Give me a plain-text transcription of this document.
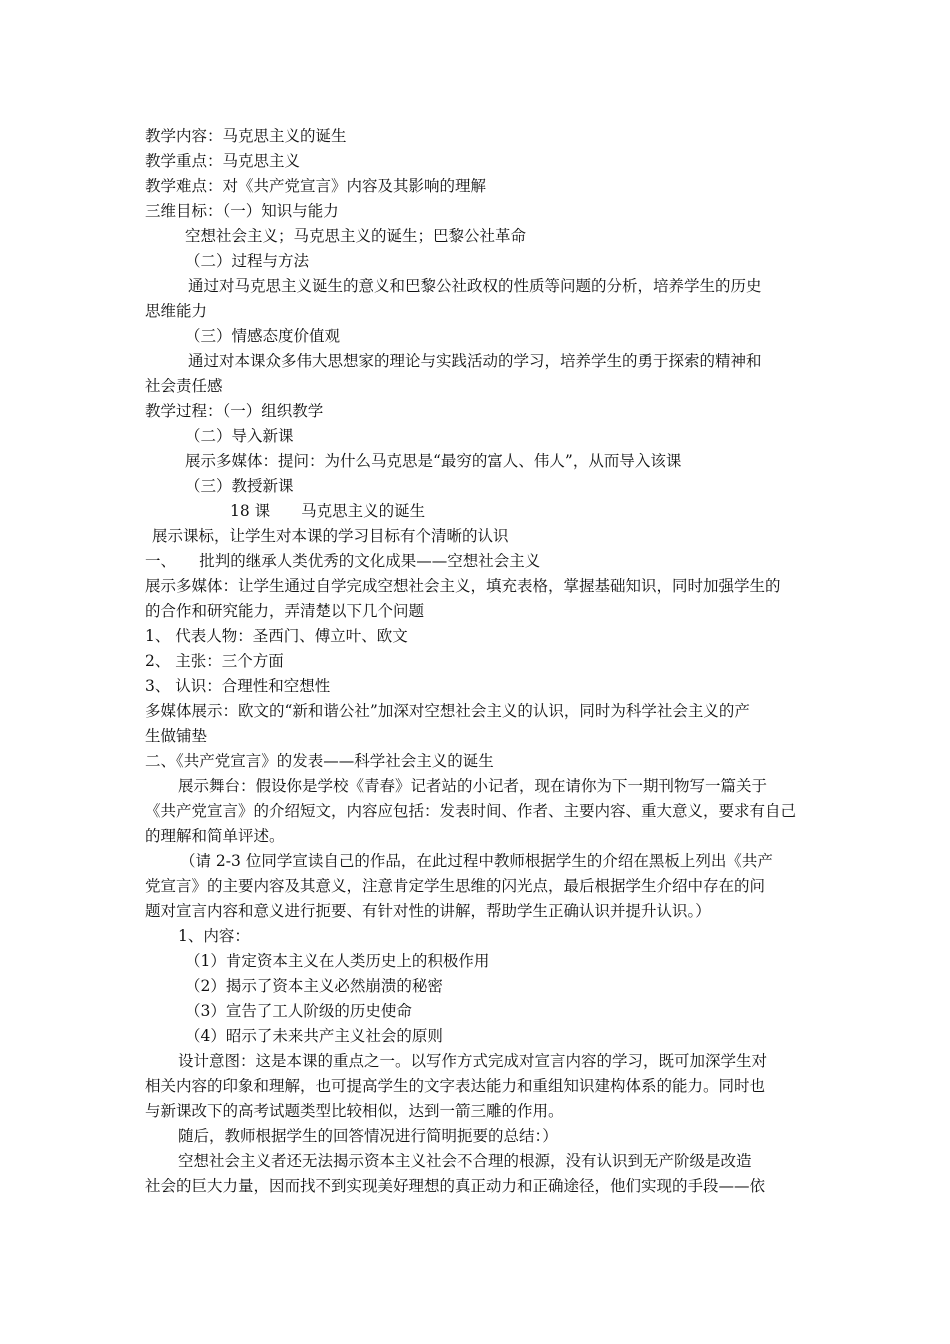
教学内容：马克思主义的诞生
教学重点：马克思主义
教学难点：对《共产党宣言》内容及其影响的理解
三维目标：（一）知识与能力
空想社会主义；马克思主义的诞生；巴黎公社革命
（二）过程与方法
通过对马克思主义诞生的意义和巴黎公社政权的性质等问题的分析，培养学生的历史
思维能力
（三）情感态度价值观
通过对本课众多伟大思想家的理论与实践活动的学习，培养学生的勇于探索的精神和
社会责任感
教学过程：（一）组织教学
（二）导入新课
展示多媒体：提问：为什么马克思是“最穷的富人、伟人”，从而导入该课
（三）教授新课
18 课　　马克思主义的诞生
展示课标，让学生对本课的学习目标有个清晰的认识
一、　　批判的继承人类优秀的文化成果——空想社会主义
展示多媒体：让学生通过自学完成空想社会主义，填充表格，掌握基础知识，同时加强学生的
的合作和研究能力，弄清楚以下几个问题
1、 代表人物：圣西门、傅立叶、欧文
2、 主张：三个方面
3、 认识：合理性和空想性
多媒体展示：欧文的“新和谐公社”加深对空想社会主义的认识，同时为科学社会主义的产
生做铺垫
二、《共产党宣言》的发表——科学社会主义的诞生
展示舞台：假设你是学校《青春》记者站的小记者，现在请你为下一期刊物写一篇关于
《共产党宣言》的介绍短文，内容应包括：发表时间、作者、主要内容、重大意义，要求有自己
的理解和简单评述。
（请 2-3 位同学宣读自己的作品，在此过程中教师根据学生的介绍在黑板上列出《共产
党宣言》的主要内容及其意义，注意肯定学生思维的闪光点，最后根据学生介绍中存在的问
题对宣言内容和意义进行扼要、有针对性的讲解，帮助学生正确认识并提升认识。）
1、内容：
（1）肯定资本主义在人类历史上的积极作用
（2）揭示了资本主义必然崩溃的秘密
（3）宣告了工人阶级的历史使命
（4）昭示了未来共产主义社会的原则
设计意图：这是本课的重点之一。以写作方式完成对宣言内容的学习，既可加深学生对
相关内容的印象和理解，也可提高学生的文字表达能力和重组知识建构体系的能力。同时也
与新课改下的高考试题类型比较相似，达到一箭三雕的作用。
随后，教师根据学生的回答情况进行简明扼要的总结：）
空想社会主义者还无法揭示资本主义社会不合理的根源，没有认识到无产阶级是改造
社会的巨大力量，因而找不到实现美好理想的真正动力和正确途径，他们实现的手段——依
